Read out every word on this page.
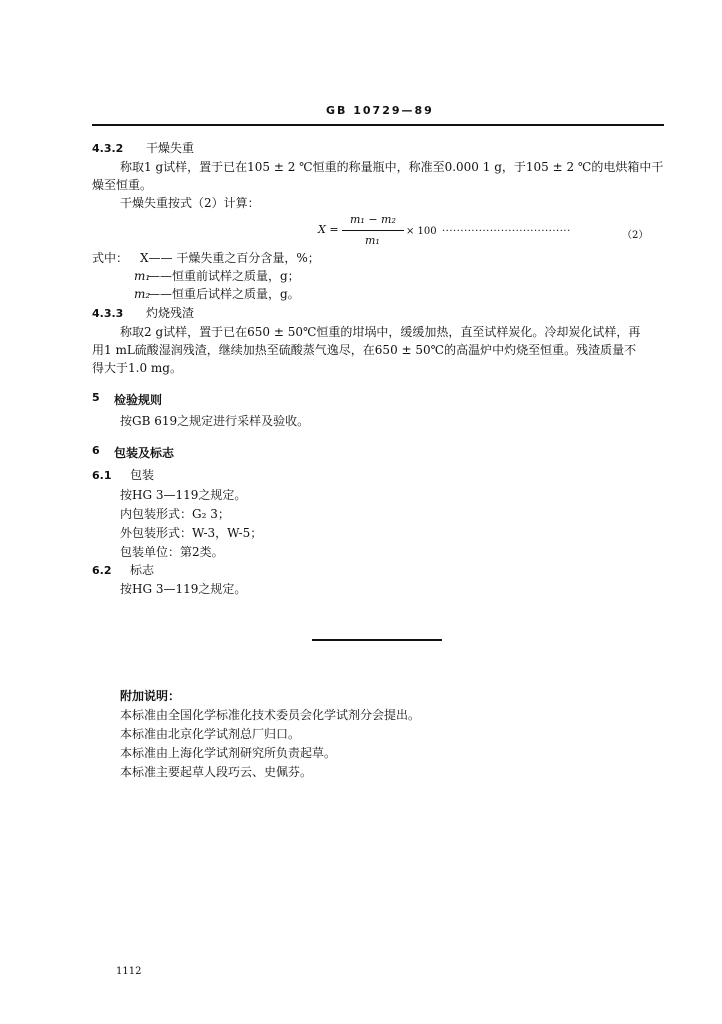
GB 10729—89
4.3.2 干燥失重
称取1 g试样，置于已在105 ± 2 ℃恒重的称量瓶中，称准至0.000 1 g，于105 ± 2 ℃的电烘箱中干
燥至恒重。
干燥失重按式（2）计算：
X =
m₁ − m₂
m₁
× 100 ···································	（2）
式中： X—— 干燥失重之百分含量，%；
m₁
——恒重前试样之质量，g；
m₂
——恒重后试样之质量，g。
4.3.3 灼烧残渣
称取2 g试样，置于已在650 ± 50℃恒重的坩埚中，缓缓加热，直至试样炭化。冷却炭化试样，再
用1 mL硫酸湿润残渣，继续加热至硫酸蒸气逸尽，在650 ± 50℃的高温炉中灼烧至恒重。残渣质量不
得大于1.0 mg。
5 检验规则
按GB 619之规定进行采样及验收。
6 包装及标志
6.1 包装
按HG 3—119之规定。
内包装形式：G₂ 3；
外包装形式：W-3，W-5；
包装单位：第2类。
6.2 标志
按HG 3—119之规定。
附加说明：
本标准由全国化学标准化技术委员会化学试剂分会提出。
本标准由北京化学试剂总厂归口。
本标准由上海化学试剂研究所负责起草。
本标准主要起草人段巧云、史佩芬。
1112
